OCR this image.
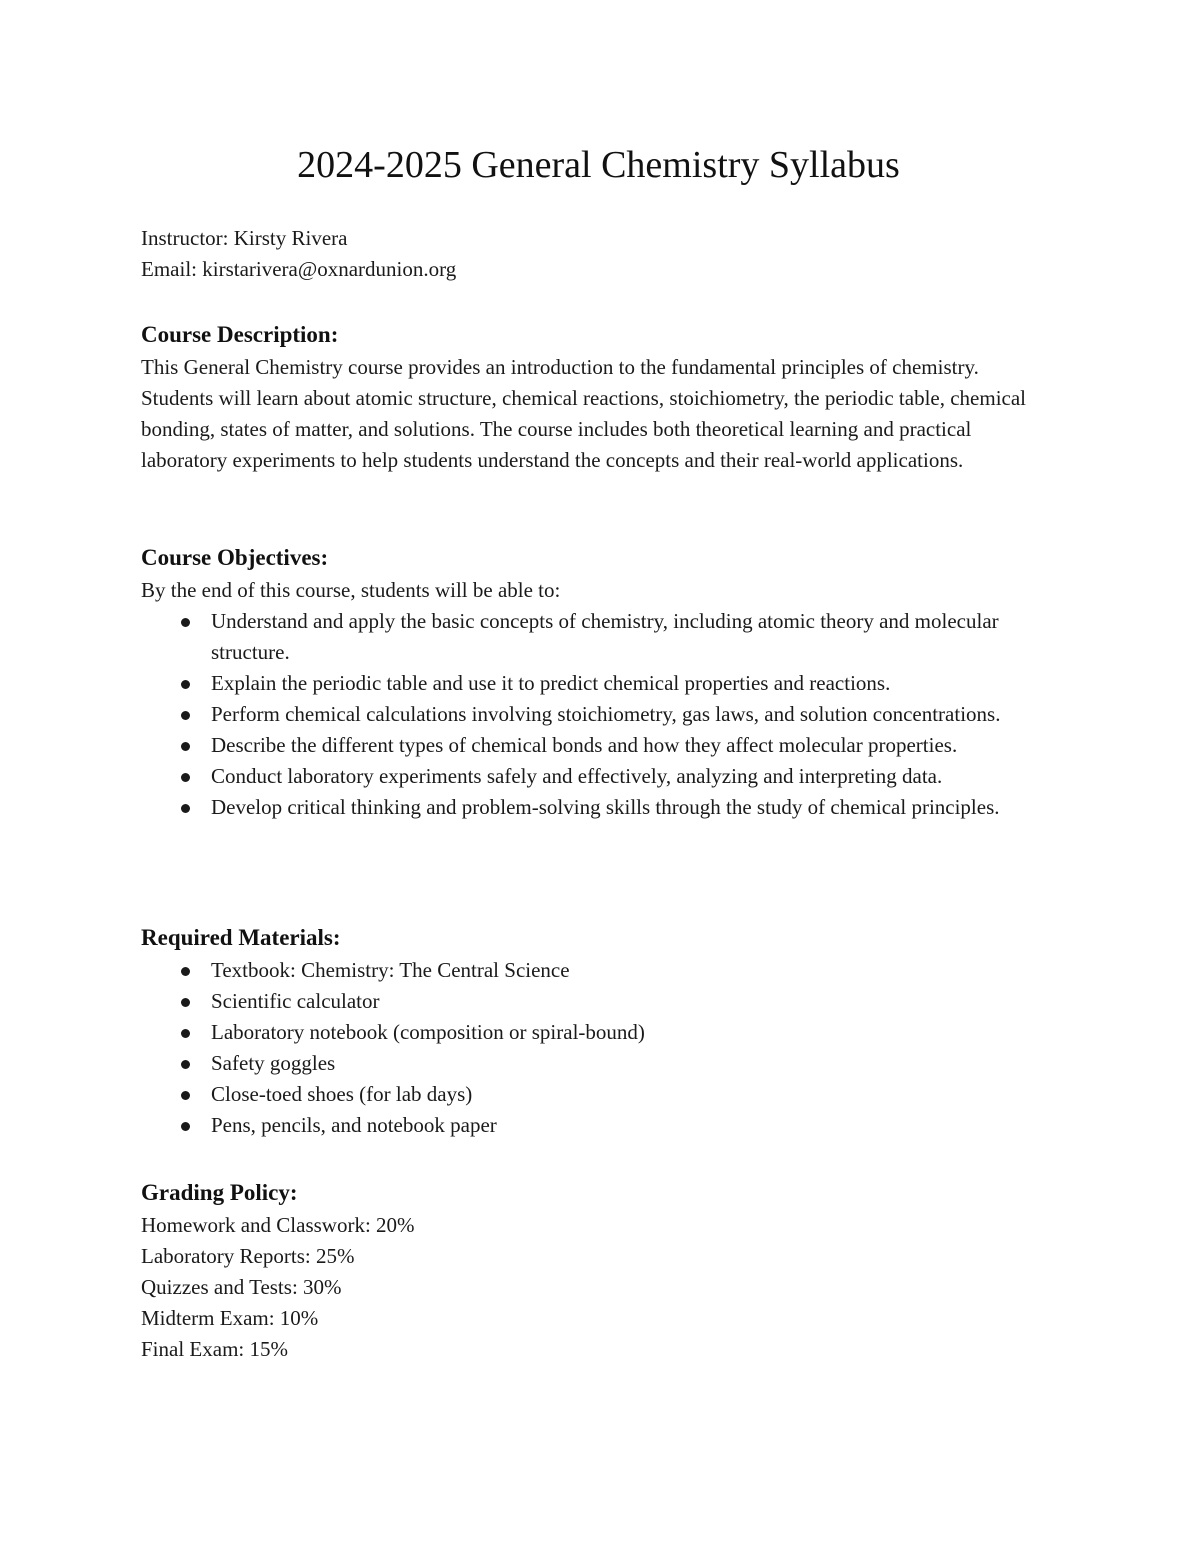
2024-2025 General Chemistry Syllabus
Instructor: Kirsty Rivera
Email: kirstarivera@oxnardunion.org
Course Description:

This General Chemistry course provides an introduction to the fundamental principles of chemistry. Students will learn about atomic structure, chemical reactions, stoichiometry, the periodic table, chemical bonding, states of matter, and solutions. The course includes both theoretical learning and practical laboratory experiments to help students understand the concepts and their real-world applications.

Course Objectives:

By the end of this course, students will be able to:

Understand and apply the basic concepts of chemistry, including atomic theory and molecular structure.
Explain the periodic table and use it to predict chemical properties and reactions.
Perform chemical calculations involving stoichiometry, gas laws, and solution concentrations.
Describe the different types of chemical bonds and how they affect molecular properties.
Conduct laboratory experiments safely and effectively, analyzing and interpreting data.
Develop critical thinking and problem-solving skills through the study of chemical principles.
Required Materials:
Textbook: Chemistry: The Central Science
Scientific calculator
Laboratory notebook (composition or spiral-bound)
Safety goggles
Close-toed shoes (for lab days)
Pens, pencils, and notebook paper
Grading Policy:
Homework and Classwork: 20%
Laboratory Reports: 25%
Quizzes and Tests: 30%
Midterm Exam: 10%
Final Exam: 15%
